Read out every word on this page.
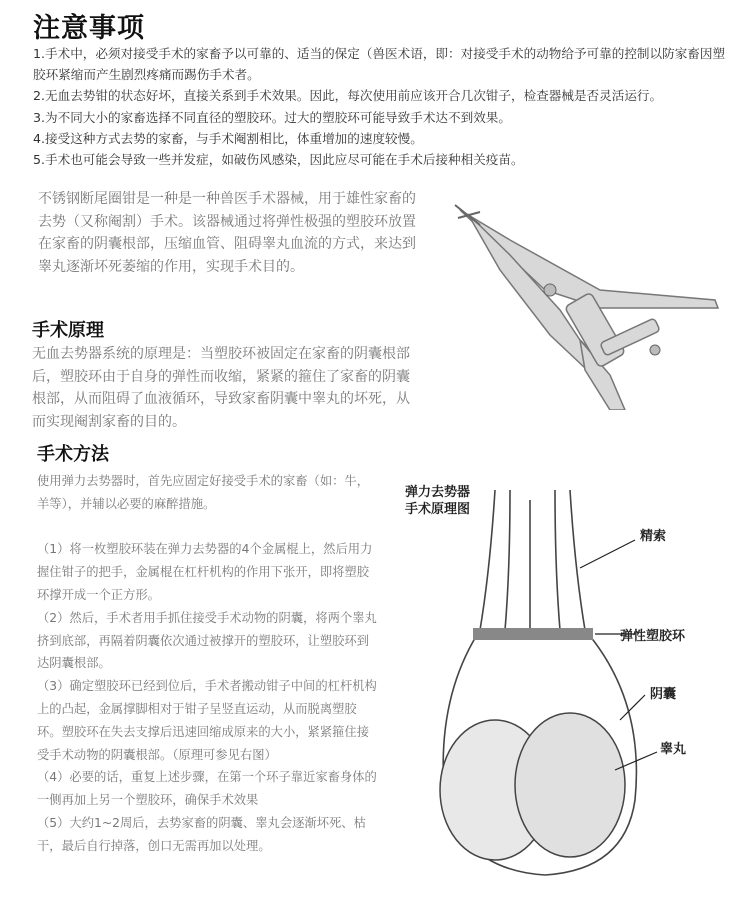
注意事项
1.手术中，必须对接受手术的家畜予以可靠的、适当的保定（兽医术语，即：对接受手术的动物给予可靠的控制以防家畜因塑胶环紧缩而产生剧烈疼痛而踢伤手术者。
2.无血去势钳的状态好坏，直接关系到手术效果。因此，每次使用前应该开合几次钳子，检查器械是否灵活运行。
3.为不同大小的家畜选择不同直径的塑胶环。过大的塑胶环可能导致手术达不到效果。
4.接受这种方式去势的家畜，与手术阉割相比，体重增加的速度较慢。
5.手术也可能会导致一些并发症，如破伤风感染，因此应尽可能在手术后接种相关疫苗。

不锈钢断尾圈钳是一种是一种兽医手术器械，用于雄性家畜的去势（又称阉割）手术。该器械通过将弹性极强的塑胶环放置在家畜的阴囊根部，压缩血管、阻碍睾丸血流的方式，来达到睾丸逐渐坏死萎缩的作用，实现手术目的。

手术原理

无血去势器系统的原理是：当塑胶环被固定在家畜的阴囊根部后，塑胶环由于自身的弹性而收缩，紧紧的箍住了家畜的阴囊根部，从而阻碍了血液循环，导致家畜阴囊中睾丸的坏死，从而实现阉割家畜的目的。

手术方法
使用弹力去势器时，首先应固定好接受手术的家畜（如：牛，羊等），并辅以必要的麻醉措施。
（1）将一枚塑胶环装在弹力去势器的4个金属棍上，然后用力握住钳子的把手，金属棍在杠杆机构的作用下张开，即将塑胶环撑开成一个正方形。
（2）然后，手术者用手抓住接受手术动物的阴囊，将两个睾丸挤到底部，再隔着阴囊依次通过被撑开的塑胶环，让塑胶环到达阴囊根部。
（3）确定塑胶环已经到位后，手术者搬动钳子中间的杠杆机构上的凸起，金属撑脚相对于钳子呈竖直运动，从而脱离塑胶环。塑胶环在失去支撑后迅速回缩成原来的大小，紧紧箍住接受手术动物的阴囊根部。（原理可参见右图）
（4）必要的话，重复上述步骤，在第一个环子靠近家畜身体的一侧再加上另一个塑胶环，确保手术效果
（5）大约1~2周后，去势家畜的阴囊、睾丸会逐渐坏死、枯干，最后自行掉落，创口无需再加以处理。
弹力去势器
手术原理图
精索
弹性塑胶环
阴囊
睾丸
